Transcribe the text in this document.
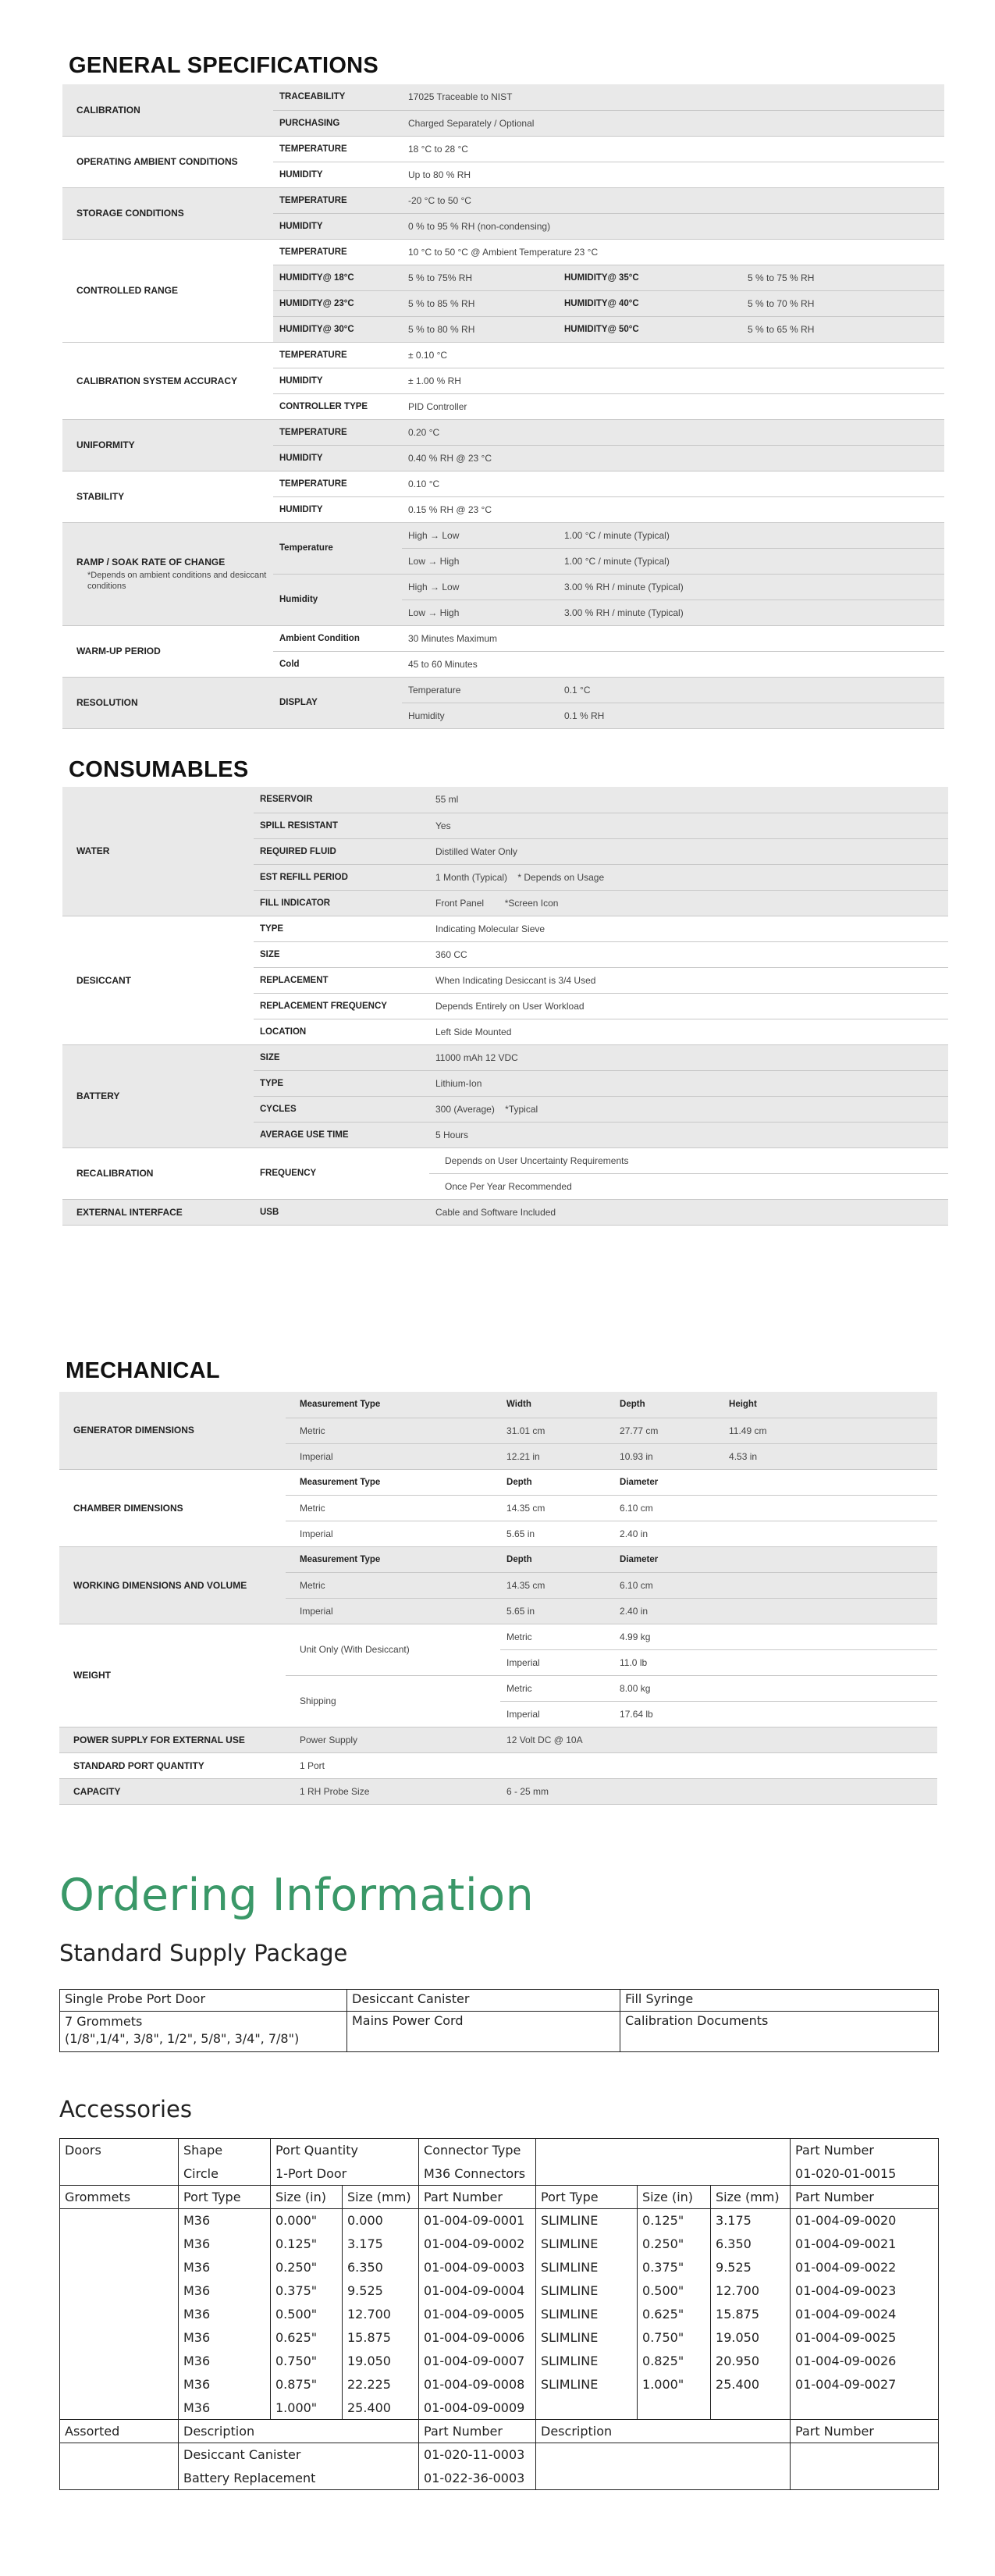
GENERAL SPECIFICATIONS
CALIBRATION	TRACEABILITY	17025 Traceable to NIST		
	PURCHASING	Charged Separately / Optional		
OPERATING AMBIENT CONDITIONS	TEMPERATURE	18 °C to 28 °C		
	HUMIDITY	Up to 80 % RH		
STORAGE CONDITIONS	TEMPERATURE	-20 °C to 50 °C		
	HUMIDITY	0 % to 95 % RH (non-condensing)		
CONTROLLED RANGE	TEMPERATURE	10 °C to 50 °C @ Ambient Temperature 23 °C		
	HUMIDITY@ 18°C	5 % to 75% RH	HUMIDITY@ 35°C	5 % to 75 % RH
	HUMIDITY@ 23°C	5 % to 85 % RH	HUMIDITY@ 40°C	5 % to 70 % RH
	HUMIDITY@ 30°C	5 % to 80 % RH	HUMIDITY@ 50°C	5 % to 65 % RH
CALIBRATION SYSTEM ACCURACY	TEMPERATURE	± 0.10 °C		
	HUMIDITY	± 1.00 % RH		
	CONTROLLER TYPE	PID Controller		
UNIFORMITY	TEMPERATURE	0.20 °C		
	HUMIDITY	0.40 % RH @ 23 °C		
STABILITY	TEMPERATURE	0.10 °C		
	HUMIDITY	0.15 % RH @ 23 °C		
RAMP / SOAK RATE OF CHANGE
*Depends on ambient conditions and desiccant conditions	Temperature	High → Low	1.00 °C / minute (Typical)	
		Low → High	1.00 °C / minute (Typical)	
	Humidity	High → Low	3.00 % RH / minute (Typical)	
		Low → High	3.00 % RH / minute (Typical)	
WARM-UP PERIOD	Ambient Condition	30 Minutes Maximum		
	Cold	45 to 60 Minutes		
RESOLUTION	DISPLAY	Temperature	0.1 °C	
		Humidity	0.1 % RH	
CONSUMABLES
WATER	RESERVOIR	55 ml
	SPILL RESISTANT	Yes
	REQUIRED FLUID	Distilled Water Only
	EST REFILL PERIOD	1 Month (Typical) * Depends on Usage
	FILL INDICATOR	Front Panel *Screen Icon
DESICCANT	TYPE	Indicating Molecular Sieve
	SIZE	360 CC
	REPLACEMENT	When Indicating Desiccant is 3/4 Used
	REPLACEMENT FREQUENCY	Depends Entirely on User Workload
	LOCATION	Left Side Mounted
BATTERY	SIZE	11000 mAh 12 VDC
	TYPE	Lithium-Ion
	CYCLES	300 (Average) *Typical
	AVERAGE USE TIME	5 Hours
RECALIBRATION	FREQUENCY	Depends on User Uncertainty Requirements
		Once Per Year Recommended
EXTERNAL INTERFACE	USB	Cable and Software Included
MECHANICAL
GENERATOR DIMENSIONS	Measurement Type	Width	Depth	Height
	Metric	31.01 cm	27.77 cm	11.49 cm
	Imperial	12.21 in	10.93 in	4.53 in
CHAMBER DIMENSIONS	Measurement Type	Depth	Diameter	
	Metric	14.35 cm	6.10 cm	
	Imperial	5.65 in	2.40 in	
WORKING DIMENSIONS AND VOLUME	Measurement Type	Depth	Diameter	
	Metric	14.35 cm	6.10 cm	
	Imperial	5.65 in	2.40 in	
WEIGHT	Unit Only (With Desiccant)	Metric	4.99 kg	
		Imperial	11.0 lb	
	Shipping	Metric	8.00 kg	
		Imperial	17.64 lb	
POWER SUPPLY FOR EXTERNAL USE	Power Supply	12 Volt DC @ 10A		
STANDARD PORT QUANTITY	1 Port			
CAPACITY	1 RH Probe Size	6 - 25 mm		
Ordering Information
Standard Supply Package
Single Probe Port Door	Desiccant Canister	Fill Syringe

7 Grommets
(1/8",1/4", 3/8", 1/2", 5/8", 3/4", 7/8")	Mains Power Cord	Calibration Documents
Accessories
Doors	Shape	Port Quantity		Connector Type				Part Number
	Circle	1-Port Door		M36 Connectors				01-020-01-0015
Grommets	Port Type	Size (in)	Size (mm)	Part Number	Port Type	Size (in)	Size (mm)	Part Number
	M36	0.000"	0.000	01-004-09-0001	SLIMLINE	0.125"	3.175	01-004-09-0020
	M36	0.125"	3.175	01-004-09-0002	SLIMLINE	0.250"	6.350	01-004-09-0021
	M36	0.250"	6.350	01-004-09-0003	SLIMLINE	0.375"	9.525	01-004-09-0022
	M36	0.375"	9.525	01-004-09-0004	SLIMLINE	0.500"	12.700	01-004-09-0023
	M36	0.500"	12.700	01-004-09-0005	SLIMLINE	0.625"	15.875	01-004-09-0024
	M36	0.625"	15.875	01-004-09-0006	SLIMLINE	0.750"	19.050	01-004-09-0025
	M36	0.750"	19.050	01-004-09-0007	SLIMLINE	0.825"	20.950	01-004-09-0026
	M36	0.875"	22.225	01-004-09-0008	SLIMLINE	1.000"	25.400	01-004-09-0027
	M36	1.000"	25.400	01-004-09-0009				
Assorted	Description			Part Number	Description			Part Number
	Desiccant Canister			01-020-11-0003				
	Battery Replacement			01-022-36-0003				
